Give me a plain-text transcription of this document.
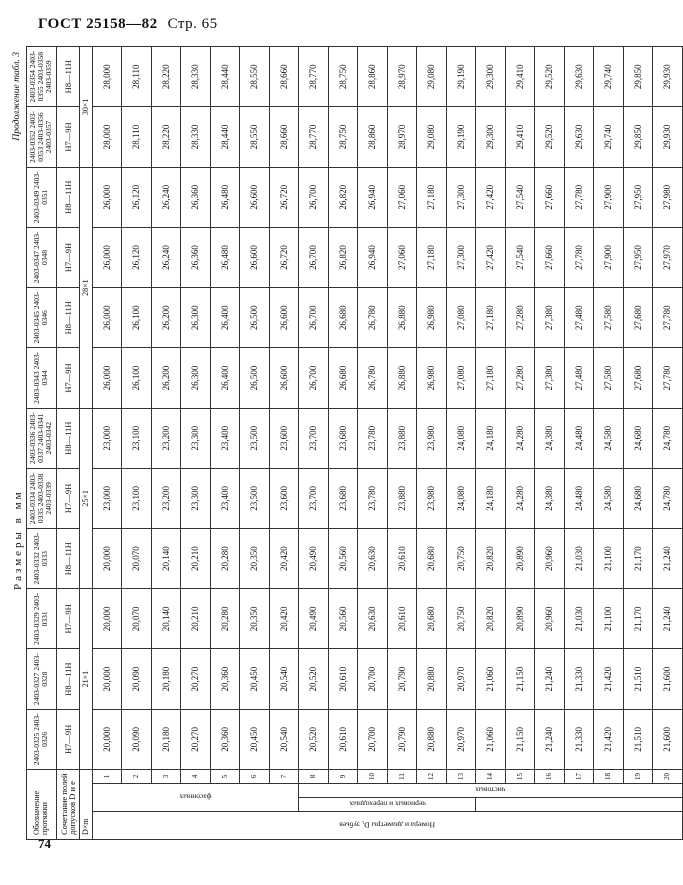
ГОСТ 25158—82 Стр. 65
Размеры в мм
Продолжение табл. 3
Обозначение протяжки				2403-0325 2403-0326	2403-0327 2403-0328	2403-0329 2403-0331	2403-0332 2403-0333	2403-0334 2403-0335 2403-0338 2403-0339	2403-0336 2403-0337 2403-0341 2403-0342	2403-0343 2403-0344	2403-0345 2403-0346	2403-0347 2403-0348	2403-0349 2403-0351	2403-0352 2403-0353 2403-0356 2403-0357	2403-0354 2403-0355 2403-0358 2403-0359
Сочетание полей допусков D и e				H7—9H	H8—11H	H7—9H	H8—11H	H7—9H	H8—11H	H7—9H	H8—11H	H7—9H	H8—11H	H7—9H	H8—11H
D×m				21×1			25×1			28×1				30×1	
Номера и диаметры D₁ зубьев	фасонных		1	20,000	20,000	20,000	20,000	23,000	23,000	26,000	26,000	26,000	26,000	28,000	28,000
			2	20,090	20,090	20,070	20,070	23,100	23,100	26,100	26,100	26,120	26,120	28,110	28,110
			3	20,180	20,180	20,140	20,140	23,200	23,200	26,200	26,200	26,240	26,240	28,220	28,220
			4	20,270	20,270	20,210	20,210	23,300	23,300	26,300	26,300	26,360	26,360	28,330	28,330
			5	20,360	20,360	20,280	20,280	23,400	23,400	26,400	26,400	26,480	26,480	28,440	28,440
			6	20,450	20,450	20,350	20,350	23,500	23,500	26,500	26,500	26,600	26,600	28,550	28,550
			7	20,540	20,540	20,420	20,420	23,600	23,600	26,600	26,600	26,720	26,720	28,660	28,660
	черновых и переходных	чистовых	8	20,520	20,520	20,490	20,490	23,700	23,700	26,700	26,700	26,700	26,700	28,770	28,770
			9	20,610	20,610	20,560	20,560	23,680	23,680	26,680	26,680	26,820	26,820	28,750	28,750
			10	20,700	20,700	20,630	20,630	23,780	23,780	26,780	26,780	26,940	26,940	28,860	28,860
			11	20,790	20,790	20,610	20,610	23,880	23,880	26,880	26,880	27,060	27,060	28,970	28,970
			12	20,880	20,880	20,680	20,680	23,980	23,980	26,980	26,980	27,180	27,180	29,080	29,080
			13	20,970	20,970	20,750	20,750	24,080	24,080	27,080	27,080	27,300	27,300	29,190	29,190
			14	21,060	21,060	20,820	20,820	24,180	24,180	27,180	27,180	27,420	27,420	29,300	29,300
			15	21,150	21,150	20,890	20,890	24,280	24,280	27,280	27,280	27,540	27,540	29,410	29,410
			16	21,240	21,240	20,960	20,960	24,380	24,380	27,380	27,380	27,660	27,660	29,520	29,520
			17	21,330	21,330	21,030	21,030	24,480	24,480	27,480	27,480	27,780	27,780	29,630	29,630
			18	21,420	21,420	21,100	21,100	24,580	24,580	27,580	27,580	27,900	27,900	29,740	29,740
			19	21,510	21,510	21,170	21,170	24,680	24,680	27,680	27,680	27,950	27,950	29,850	29,850
			20	21,600	21,600	21,240	21,240	24,780	24,780	27,780	27,780	27,970	27,980	29,930	29,930
74
